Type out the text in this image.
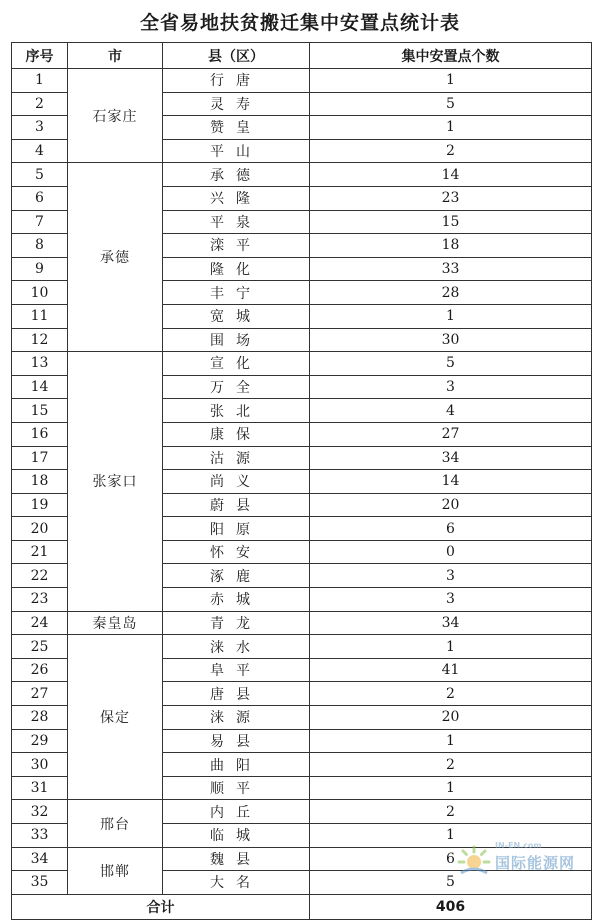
全省易地扶贫搬迁集中安置点统计表
序号	市	县（区）	集中安置点个数
1	石家庄	行唐	1
2		灵寿	5
3		赞皇	1
4		平山	2
5	承德	承德	14
6		兴隆	23
7		平泉	15
8		滦平	18
9		隆化	33
10		丰宁	28
11		宽城	1
12		围场	30
13	张家口	宣化	5
14		万全	3
15		张北	4
16		康保	27
17		沽源	34
18		尚义	14
19		蔚县	20
20		阳原	6
21		怀安	0
22		涿鹿	3
23		赤城	3
24	秦皇岛	青龙	34
25	保定	涞水	1
26		阜平	41
27		唐县	2
28		涞源	20
29		易县	1
30		曲阳	2
31		顺平	1
32	邢台	内丘	2
33		临城	1
34	邯郸	魏县	6
35		大名	5
合计			406
IN-EN.com
国际能源网
